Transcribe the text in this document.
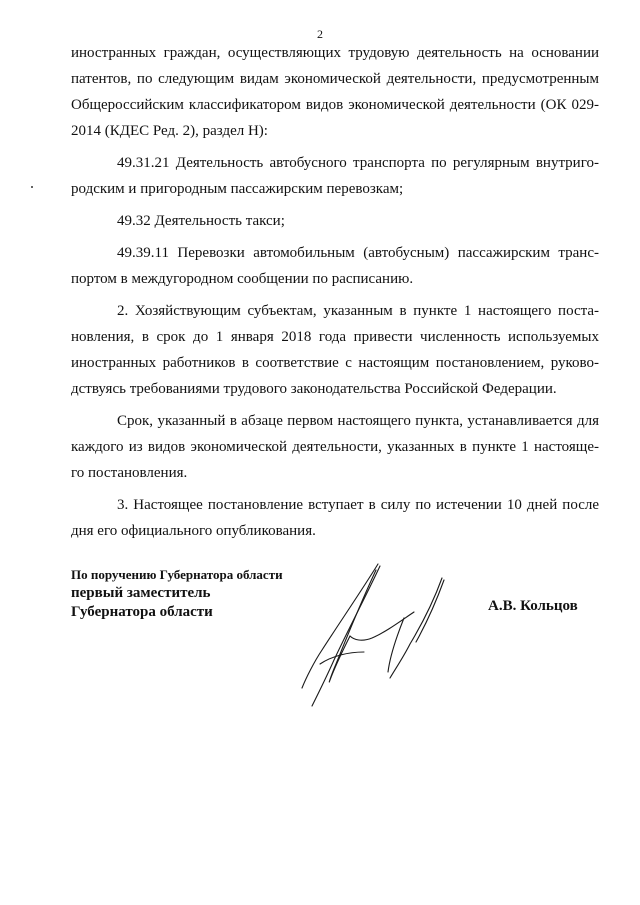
2

иностранных граждан, осуществляющих трудовую деятельность на основании
патентов, по следующим видам экономической деятельности, предусмотренным
Общероссийским классификатором видов экономической деятельности (ОК 029-
2014 (КДЕС Ред. 2), раздел Н):

49.31.21 Деятельность автобусного транспорта по регулярным внутриго-
родским и пригородным пассажирским перевозкам;

49.32 Деятельность такси;

49.39.11 Перевозки автомобильным (автобусным) пассажирским транс-
портом в междугородном сообщении по расписанию.

2. Хозяйствующим субъектам, указанным в пункте 1 настоящего поста-
новления, в срок до 1 января 2018 года привести численность используемых
иностранных работников в соответствие с настоящим постановлением, руково-
дствуясь требованиями трудового законодательства Российской Федерации.

Срок, указанный в абзаце первом настоящего пункта, устанавливается для
каждого из видов экономической деятельности, указанных в пункте 1 настояще-
го постановления.

3. Настоящее постановление вступает в силу по истечении 10 дней после
дня его официального опубликования.

По поручению Губернатора области
первый заместитель
Губернатора области	А.В. Кольцов
